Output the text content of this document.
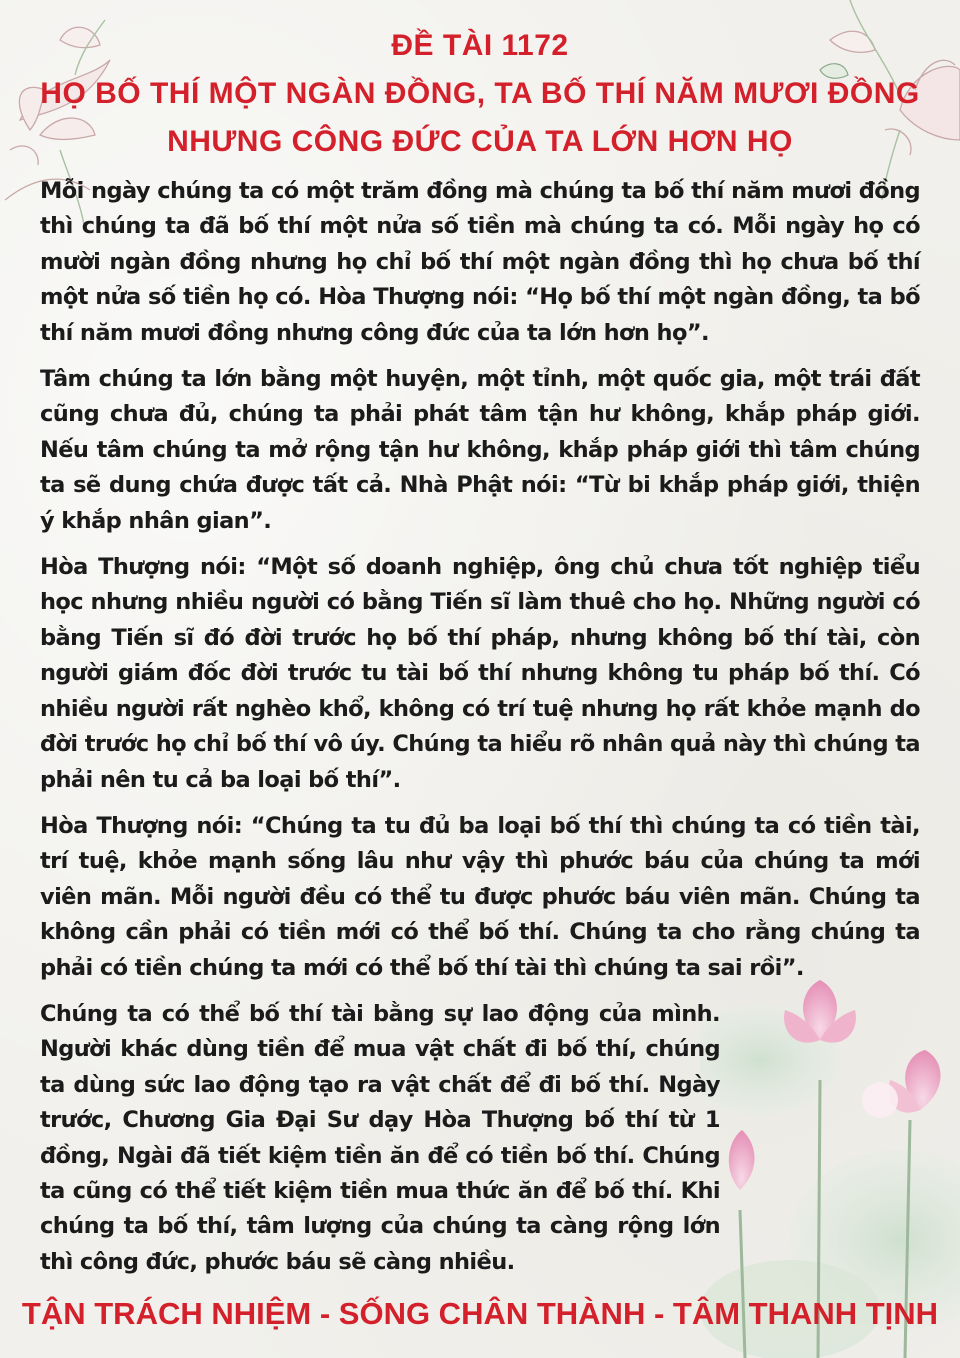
ĐỀ TÀI 1172
HỌ BỐ THÍ MỘT NGÀN ĐỒNG, TA BỐ THÍ NĂM MƯƠI ĐỒNG
NHƯNG CÔNG ĐỨC CỦA TA LỚN HƠN HỌ

Mỗi ngày chúng ta có một trăm đồng mà chúng ta bố thí năm mươi đồng thì chúng ta đã bố thí một nửa số tiền mà chúng ta có. Mỗi ngày họ có mười ngàn đồng nhưng họ chỉ bố thí một ngàn đồng thì họ chưa bố thí một nửa số tiền họ có. Hòa Thượng nói: “Họ bố thí một ngàn đồng, ta bố thí năm mươi đồng nhưng công đức của ta lớn hơn họ”.

Tâm chúng ta lớn bằng một huyện, một tỉnh, một quốc gia, một trái đất cũng chưa đủ, chúng ta phải phát tâm tận hư không, khắp pháp giới. Nếu tâm chúng ta mở rộng tận hư không, khắp pháp giới thì tâm chúng ta sẽ dung chứa được tất cả. Nhà Phật nói: “Từ bi khắp pháp giới, thiện ý khắp nhân gian”.

Hòa Thượng nói: “Một số doanh nghiệp, ông chủ chưa tốt nghiệp tiểu học nhưng nhiều người có bằng Tiến sĩ làm thuê cho họ. Những người có bằng Tiến sĩ đó đời trước họ bố thí pháp, nhưng không bố thí tài, còn người giám đốc đời trước tu tài bố thí nhưng không tu pháp bố thí. Có nhiều người rất nghèo khổ, không có trí tuệ nhưng họ rất khỏe mạnh do đời trước họ chỉ bố thí vô úy. Chúng ta hiểu rõ nhân quả này thì chúng ta phải nên tu cả ba loại bố thí”.

Hòa Thượng nói: “Chúng ta tu đủ ba loại bố thí thì chúng ta có tiền tài, trí tuệ, khỏe mạnh sống lâu như vậy thì phước báu của chúng ta mới viên mãn. Mỗi người đều có thể tu được phước báu viên mãn. Chúng ta không cần phải có tiền mới có thể bố thí. Chúng ta cho rằng chúng ta phải có tiền chúng ta mới có thể bố thí tài thì chúng ta sai rồi”.

Chúng ta có thể bố thí tài bằng sự lao động của mình. Người khác dùng tiền để mua vật chất đi bố thí, chúng ta dùng sức lao động tạo ra vật chất để đi bố thí. Ngày trước, Chương Gia Đại Sư dạy Hòa Thượng bố thí từ 1 đồng, Ngài đã tiết kiệm tiền ăn để có tiền bố thí. Chúng ta cũng có thể tiết kiệm tiền mua thức ăn để bố thí. Khi chúng ta bố thí, tâm lượng của chúng ta càng rộng lớn thì công đức, phước báu sẽ càng nhiều.

TẬN TRÁCH NHIỆM - SỐNG CHÂN THÀNH - TÂM THANH TỊNH
